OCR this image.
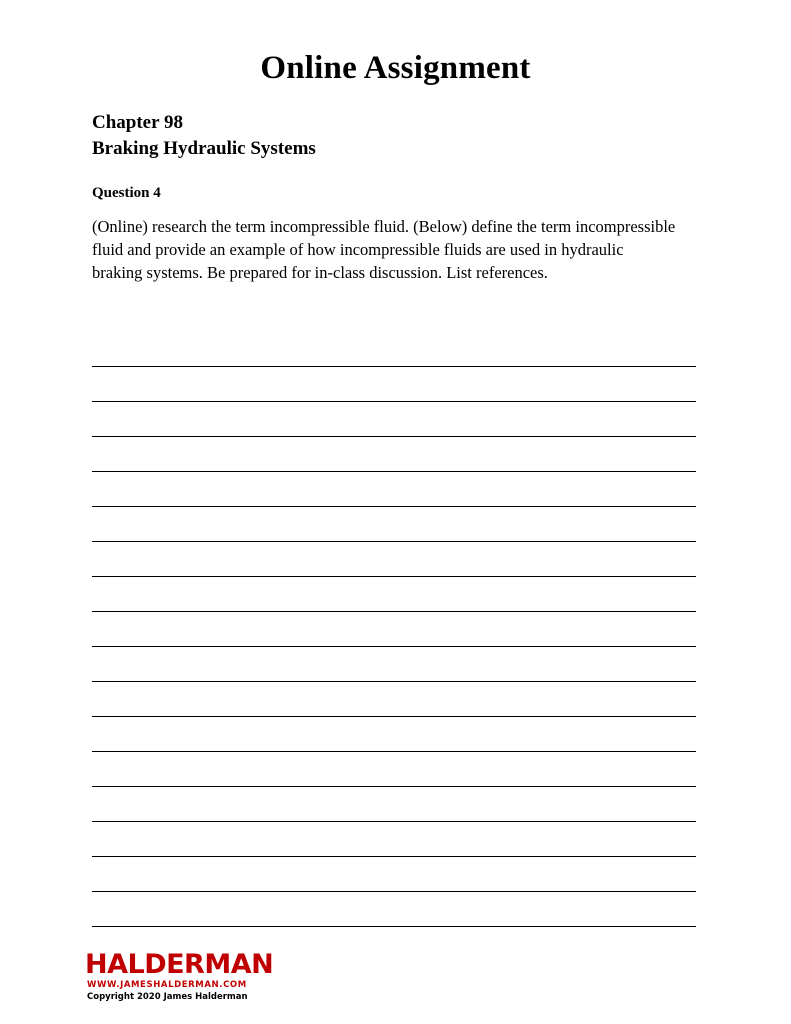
Online Assignment
Chapter 98
Braking Hydraulic Systems
Question 4
(Online) research the term incompressible fluid. (Below) define the term incompressible fluid and provide an example of how incompressible fluids are used in hydraulic braking systems. Be prepared for in-class discussion. List references.
HALDERMAN
WWW.JAMESHALDERMAN.COM
Copyright 2020 James Halderman
